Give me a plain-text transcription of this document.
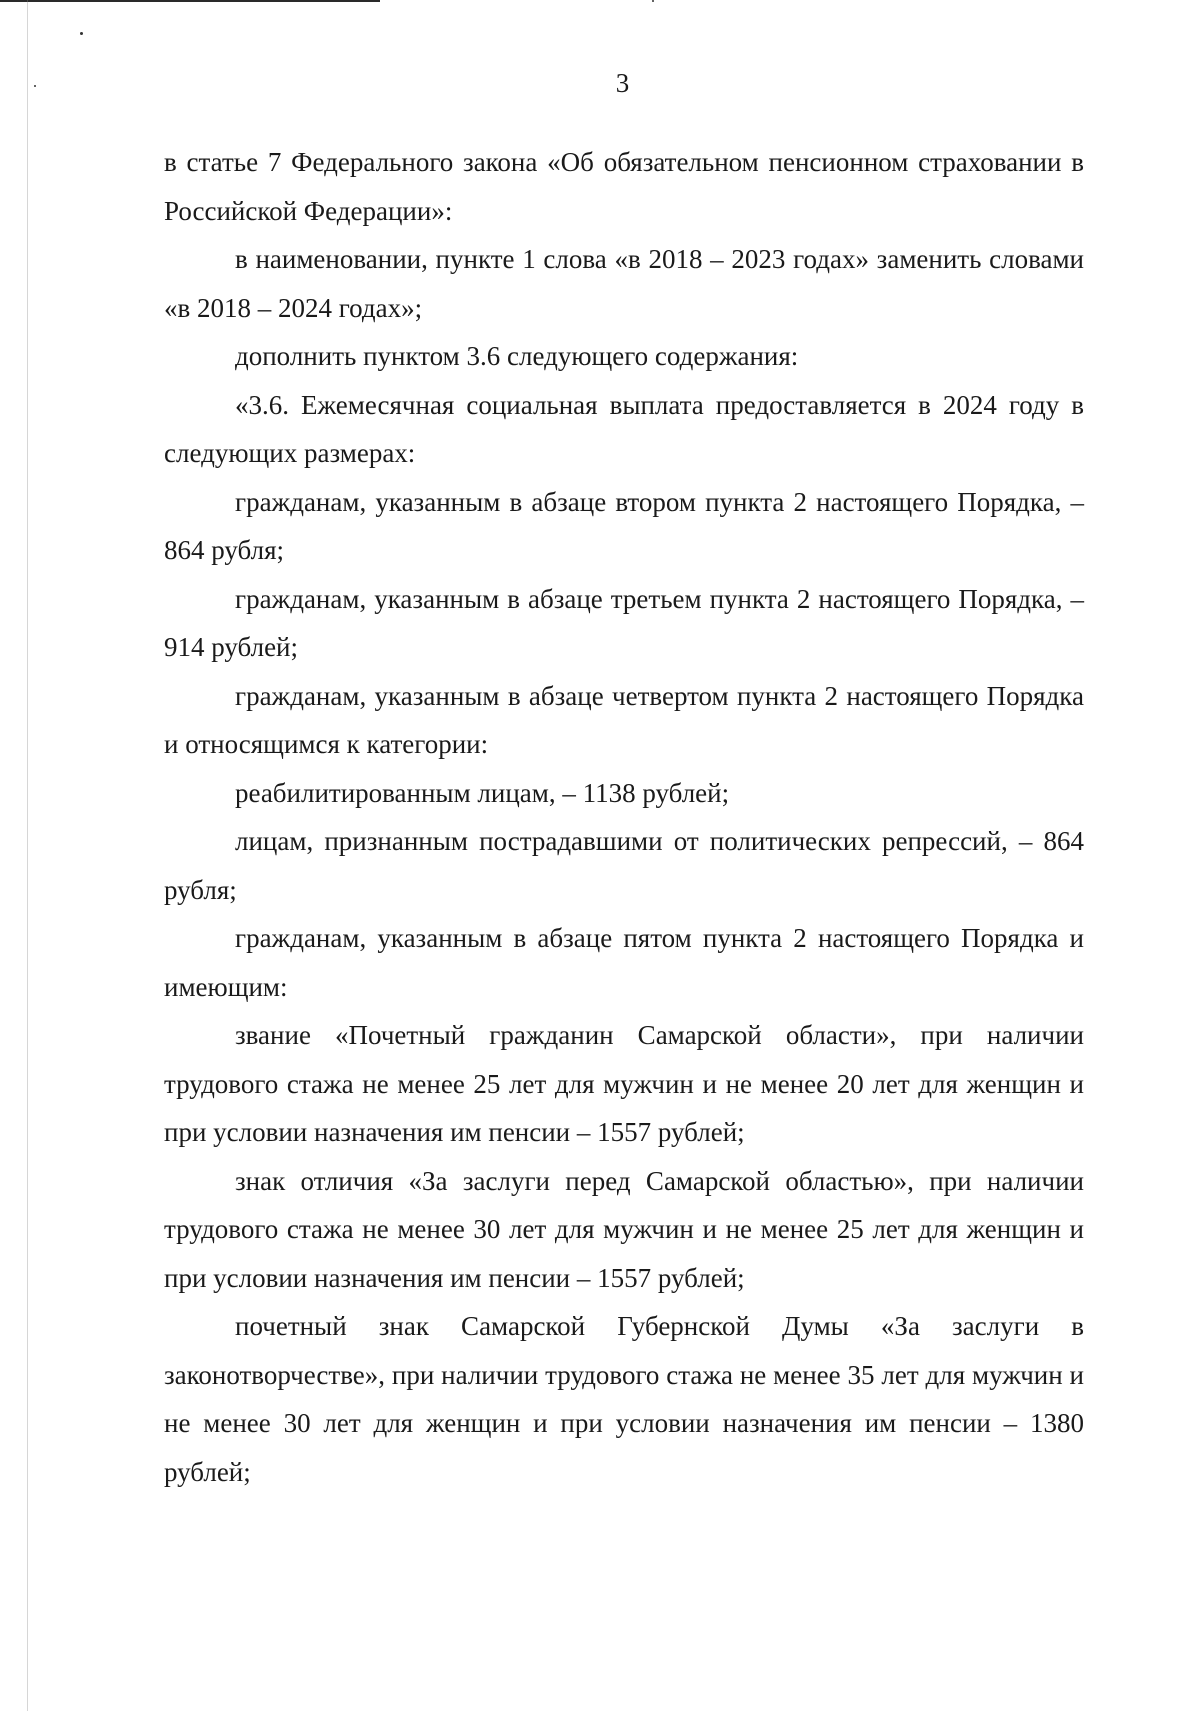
3

в статье 7 Федерального закона «Об обязательном пенсионном страховании в Российской Федерации»:

в наименовании, пункте 1 слова «в 2018 – 2023 годах» заменить словами «в 2018 – 2024 годах»;

дополнить пунктом 3.6 следующего содержания:

«3.6. Ежемесячная социальная выплата предоставляется в 2024 году в следующих размерах:

гражданам, указанным в абзаце втором пункта 2 настоящего Порядка, – 864 рубля;

гражданам, указанным в абзаце третьем пункта 2 настоящего Порядка, – 914 рублей;

гражданам, указанным в абзаце четвертом пункта 2 настоящего Порядка и относящимся к категории:

реабилитированным лицам, – 1138 рублей;

лицам, признанным пострадавшими от политических репрессий, – 864 рубля;

гражданам, указанным в абзаце пятом пункта 2 настоящего Порядка и имеющим:

звание «Почетный гражданин Самарской области», при наличии трудового стажа не менее 25 лет для мужчин и не менее 20 лет для женщин и при условии назначения им пенсии – 1557 рублей;

знак отличия «За заслуги перед Самарской областью», при наличии трудового стажа не менее 30 лет для мужчин и не менее 25 лет для женщин и при условии назначения им пенсии – 1557 рублей;

почетный знак Самарской Губернской Думы «За заслуги в законотворчестве», при наличии трудового стажа не менее 35 лет для мужчин и не менее 30 лет для женщин и при условии назначения им пенсии – 1380 рублей;
